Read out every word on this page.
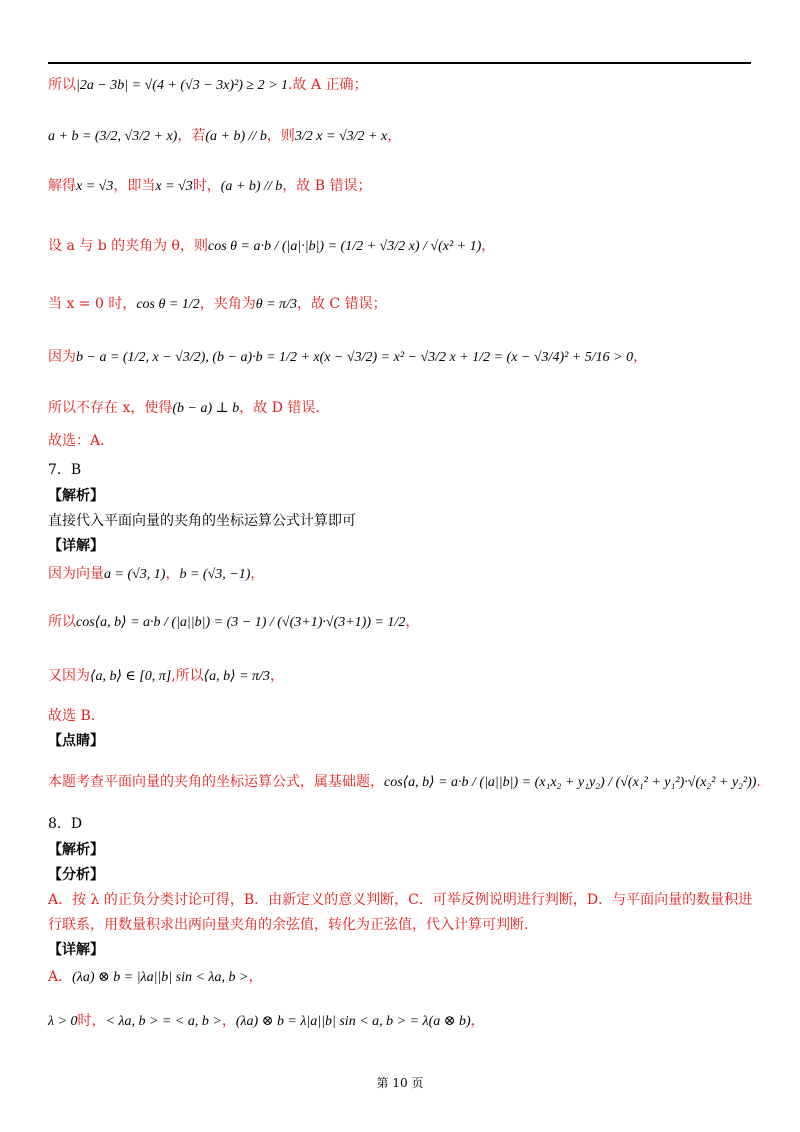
所以|2a − 3b| = √(4 + (√3 − 3x)²) ≥ 2 > 1.故 A 正确；
a + b = (3/2, √3/2 + x)，若(a + b) // b，则3/2 x = √3/2 + x，
解得x = √3，即当x = √3时，(a + b) // b，故 B 错误；
设 a 与 b 的夹角为 θ，则cos θ = a·b / (|a|·|b|) = (1/2 + √3/2 x) / √(x² + 1)，
当 x = 0 时，cos θ = 1/2，夹角为θ = π/3，故 C 错误；
因为b − a = (1/2, x − √3/2), (b − a)·b = 1/2 + x(x − √3/2) = x² − √3/2 x + 1/2 = (x − √3/4)² + 5/16 > 0，
所以不存在 x，使得(b − a) ⊥ b，故 D 错误.
故选：A．
7．B
【解析】
直接代入平面向量的夹角的坐标运算公式计算即可
【详解】
因为向量a = (√3, 1)，b = (√3, −1)，
所以cos⟨a, b⟩ = a·b / (|a||b|) = (3 − 1) / (√(3+1)·√(3+1)) = 1/2，
又因为⟨a, b⟩ ∈ [0, π],所以⟨a, b⟩ = π/3，
故选 B.
【点睛】
本题考查平面向量的夹角的坐标运算公式，属基础题，cos⟨a, b⟩ = a·b / (|a||b|) = (x₁x₂ + y₁y₂) / (√(x₁² + y₁²)·√(x₂² + y₂²)).
8．D
【解析】
【分析】
A．按 λ 的正负分类讨论可得，B．由新定义的意义判断，C．可举反例说明进行判断，D．与平面向量的数量积进
行联系，用数量积求出两向量夹角的余弦值，转化为正弦值，代入计算可判断.
【详解】
A．(λa) ⊗ b = |λa||b| sin < λa, b >，
λ > 0时，< λa, b > = < a, b >，(λa) ⊗ b = λ|a||b| sin < a, b > = λ(a ⊗ b)，
第 10 页
